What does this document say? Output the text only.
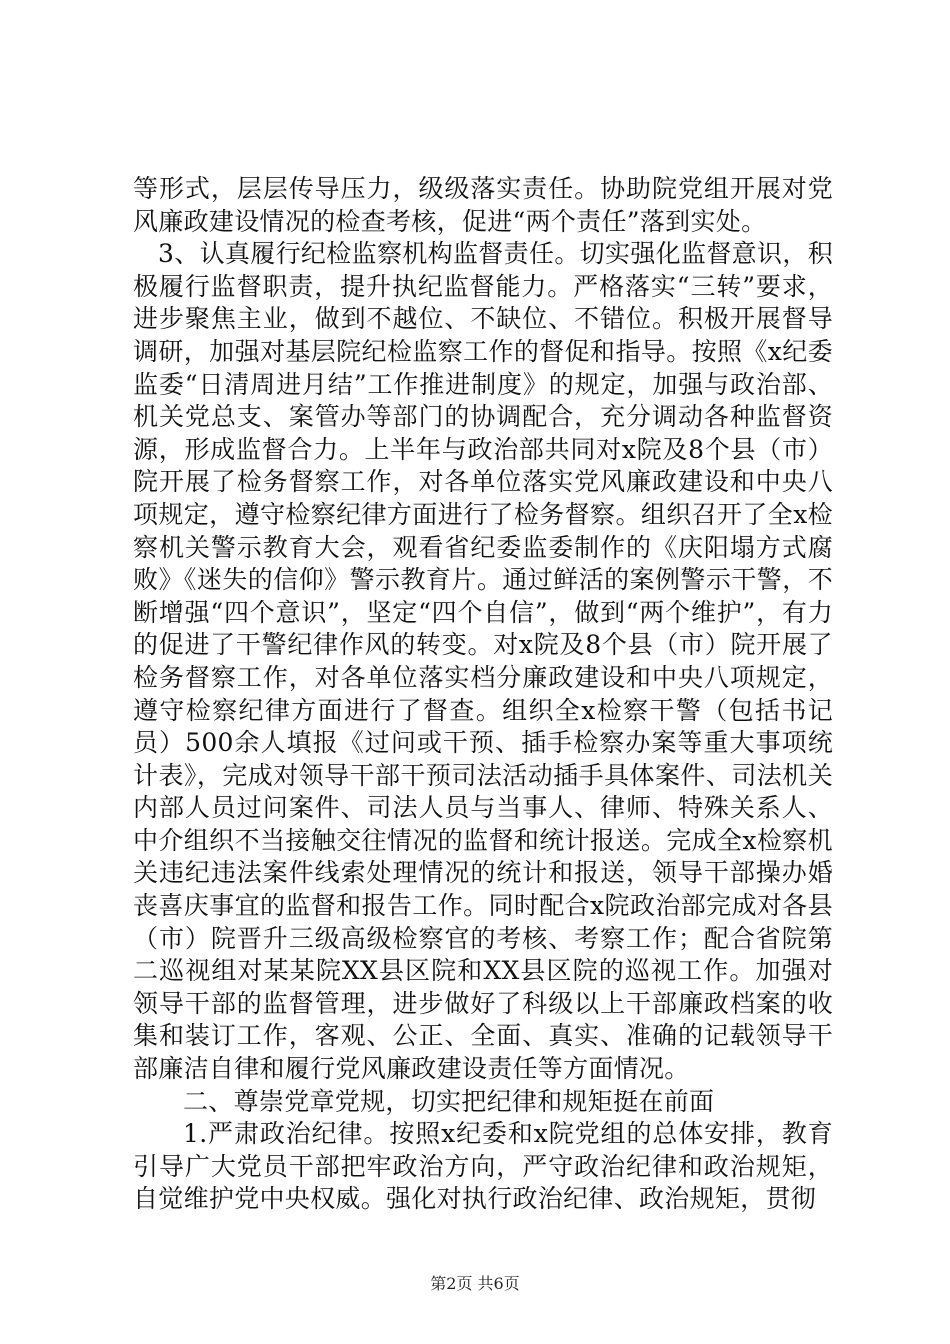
等形式，层层传导压力，级级落实责任。协助院党组开展对党风廉政建设情况的检查考核，促进“两个责任”落到实处。

3、认真履行纪检监察机构监督责任。切实强化监督意识，积极履行监督职责，提升执纪监督能力。严格落实“三转”要求，进步聚焦主业，做到不越位、不缺位、不错位。积极开展督导调研，加强对基层院纪检监察工作的督促和指导。按照《x纪委监委“日清周进月结”工作推进制度》的规定，加强与政治部、机关党总支、案管办等部门的协调配合，充分调动各种监督资源，形成监督合力。上半年与政治部共同对x院及8个县（市）院开展了检务督察工作，对各单位落实党风廉政建设和中央八项规定，遵守检察纪律方面进行了检务督察。组织召开了全x检察机关警示教育大会，观看省纪委监委制作的《庆阳塌方式腐败》《迷失的信仰》警示教育片。通过鲜活的案例警示干警，不断增强“四个意识”，坚定“四个自信”，做到“两个维护”，有力的促进了干警纪律作风的转变。对x院及8个县（市）院开展了检务督察工作，对各单位落实档分廉政建设和中央八项规定，遵守检察纪律方面进行了督查。组织全x检察干警（包括书记员）500余人填报《过问或干预、插手检察办案等重大事项统计表》，完成对领导干部干预司法活动插手具体案件、司法机关内部人员过问案件、司法人员与当事人、律师、特殊关系人、中介组织不当接触交往情况的监督和统计报送。完成全x检察机关违纪违法案件线索处理情况的统计和报送，领导干部操办婚丧喜庆事宜的监督和报告工作。同时配合x院政治部完成对各县（市）院晋升三级高级检察官的考核、考察工作；配合省院第二巡视组对某某院XX县区院和XX县区院的巡视工作。加强对领导干部的监督管理，进步做好了科级以上干部廉政档案的收集和装订工作，客观、公正、全面、真实、准确的记载领导干部廉洁自律和履行党风廉政建设责任等方面情况。

二、尊崇党章党规，切实把纪律和规矩挺在前面

1.严肃政治纪律。按照x纪委和x院党组的总体安排，教育引导广大党员干部把牢政治方向，严守政治纪律和政治规矩，自觉维护党中央权威。强化对执行政治纪律、政治规矩，贯彻

第2页 共6页
